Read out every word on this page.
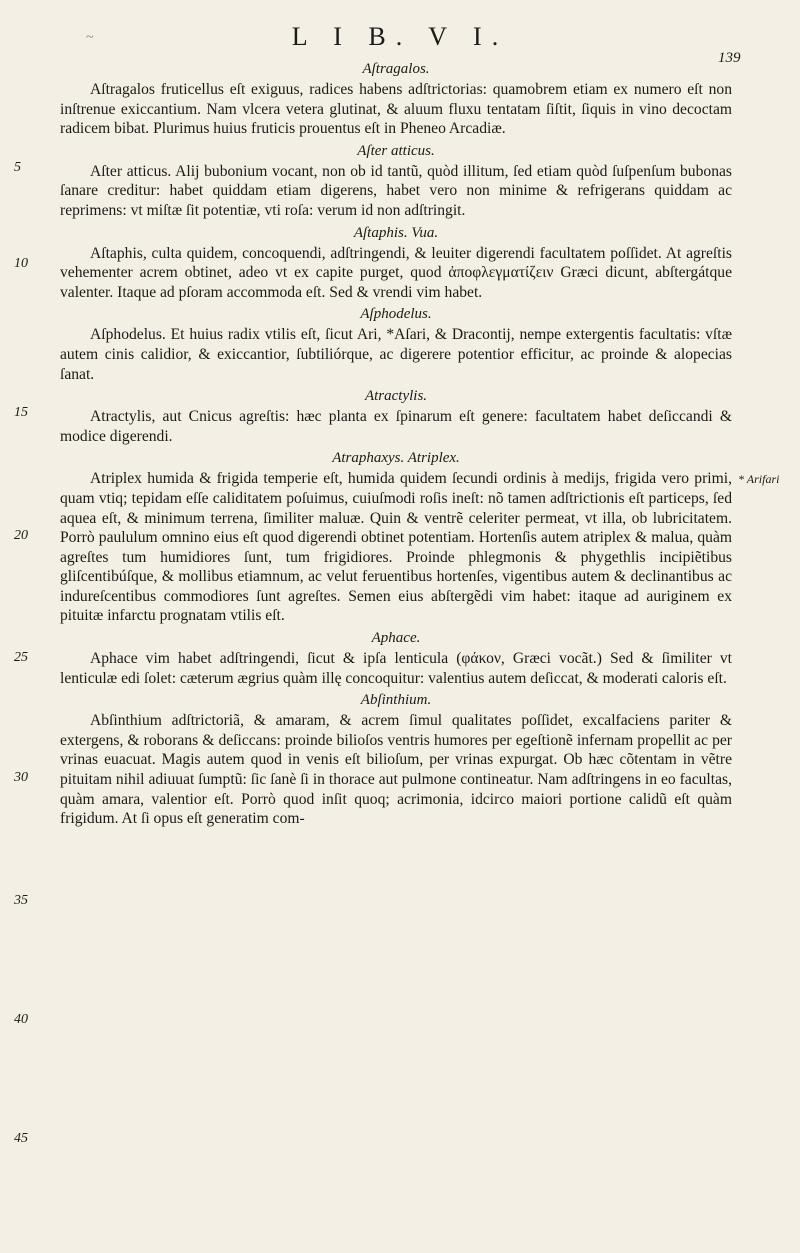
~	L I B. V I.
139
5
10
15
20
25
30
35
40
45
* Arifari
Aſtragalos.

Aſtragalos fruticellus eſt exiguus, radices habens adſtrictorias: quamobrem etiam ex numero eſt non inſtrenue exiccantium. Nam vlcera vetera glutinat, & aluum fluxu tentatam ſiſtit, ſiquis in vino decoctam radicem bibat. Plurimus huius fruticis prouentus eſt in Pheneo Arcadiæ.

Aſter atticus.

Aſter atticus. Alij bubonium vocant, non ob id tantũ, quòd illitum, ſed etiam quòd ſuſpenſum bubonas ſanare creditur: habet quiddam etiam digerens, habet vero non minime & refrigerans quiddam ac reprimens: vt miſtæ ſit potentiæ, vti roſa: verum id non adſtringit.

Aſtaphis. Vua.

Aſtaphis, culta quidem, concoquendi, adſtringendi, & leuiter digerendi facultatem poſſidet. At agreſtis vehementer acrem obtinet, adeo vt ex capite purget, quod ἀποφλεγματίζειν Græci dicunt, abſtergátque valenter. Itaque ad pſoram accommoda eſt. Sed & vrendi vim habet.

Aſphodelus.

Aſphodelus. Et huius radix vtilis eſt, ſicut Ari, *Aſari, & Dracontij, nempe extergentis facultatis: vſtæ autem cinis calidior, & exiccantior, ſubtiliórque, ac digerere potentior efficitur, ac proinde & alopecias ſanat.

Atractylis.

Atractylis, aut Cnicus agreſtis: hæc planta ex ſpinarum eſt genere: facultatem habet deſiccandi & modice digerendi.

Atraphaxys. Atriplex.

Atriplex humida & frigida temperie eſt, humida quidem ſecundi ordinis à medijs, frigida vero primi, quam vtiq; tepidam eſſe caliditatem poſuimus, cuiuſmodi roſis ineſt: nõ tamen adſtrictionis eſt particeps, ſed aquea eſt, & minimum terrena, ſimiliter maluæ. Quin & ventrẽ celeriter permeat, vt illa, ob lubricitatem. Porrò paululum omnino eius eſt quod digerendi obtinet potentiam. Hortenſis autem atriplex & malua, quàm agreſtes tum humidiores ſunt, tum frigidiores. Proinde phlegmonis & phygethlis incipiẽtibus gliſcentibúſque, & mollibus etiamnum, ac velut feruentibus hortenſes, vigentibus autem & declinantibus ac indureſcentibus commodiores ſunt agreſtes. Semen eius abſtergẽdi vim habet: itaque ad auriginem ex pituitæ infarctu prognatam vtilis eſt.

Aphace.

Aphace vim habet adſtringendi, ſicut & ipſa lenticula (φάκον, Græci vocãt.) Sed & ſimiliter vt lenticulæ edi ſolet: cæterum ægrius quàm illę concoquitur: valentius autem deſiccat, & moderati caloris eſt.

Abſinthium.

Abſinthium adſtrictoriã, & amaram, & acrem ſimul qualitates poſſidet, excalfaciens pariter & extergens, & roborans & deſiccans: proinde bilioſos ventris humores per egeſtionẽ infernam propellit ac per vrinas euacuat. Magis autem quod in venis eſt bilioſum, per vrinas expurgat. Ob hæc cõtentam in vẽtre pituitam nihil adiuuat ſumptũ: ſic ſanè ſi in thorace aut pulmone contineatur. Nam adſtringens in eo facultas, quàm amara, valentior eſt. Porrò quod inſit quoq; acrimonia, idcirco maiori portione calidũ eſt quàm frigidum. At ſi opus eſt generatim com-
